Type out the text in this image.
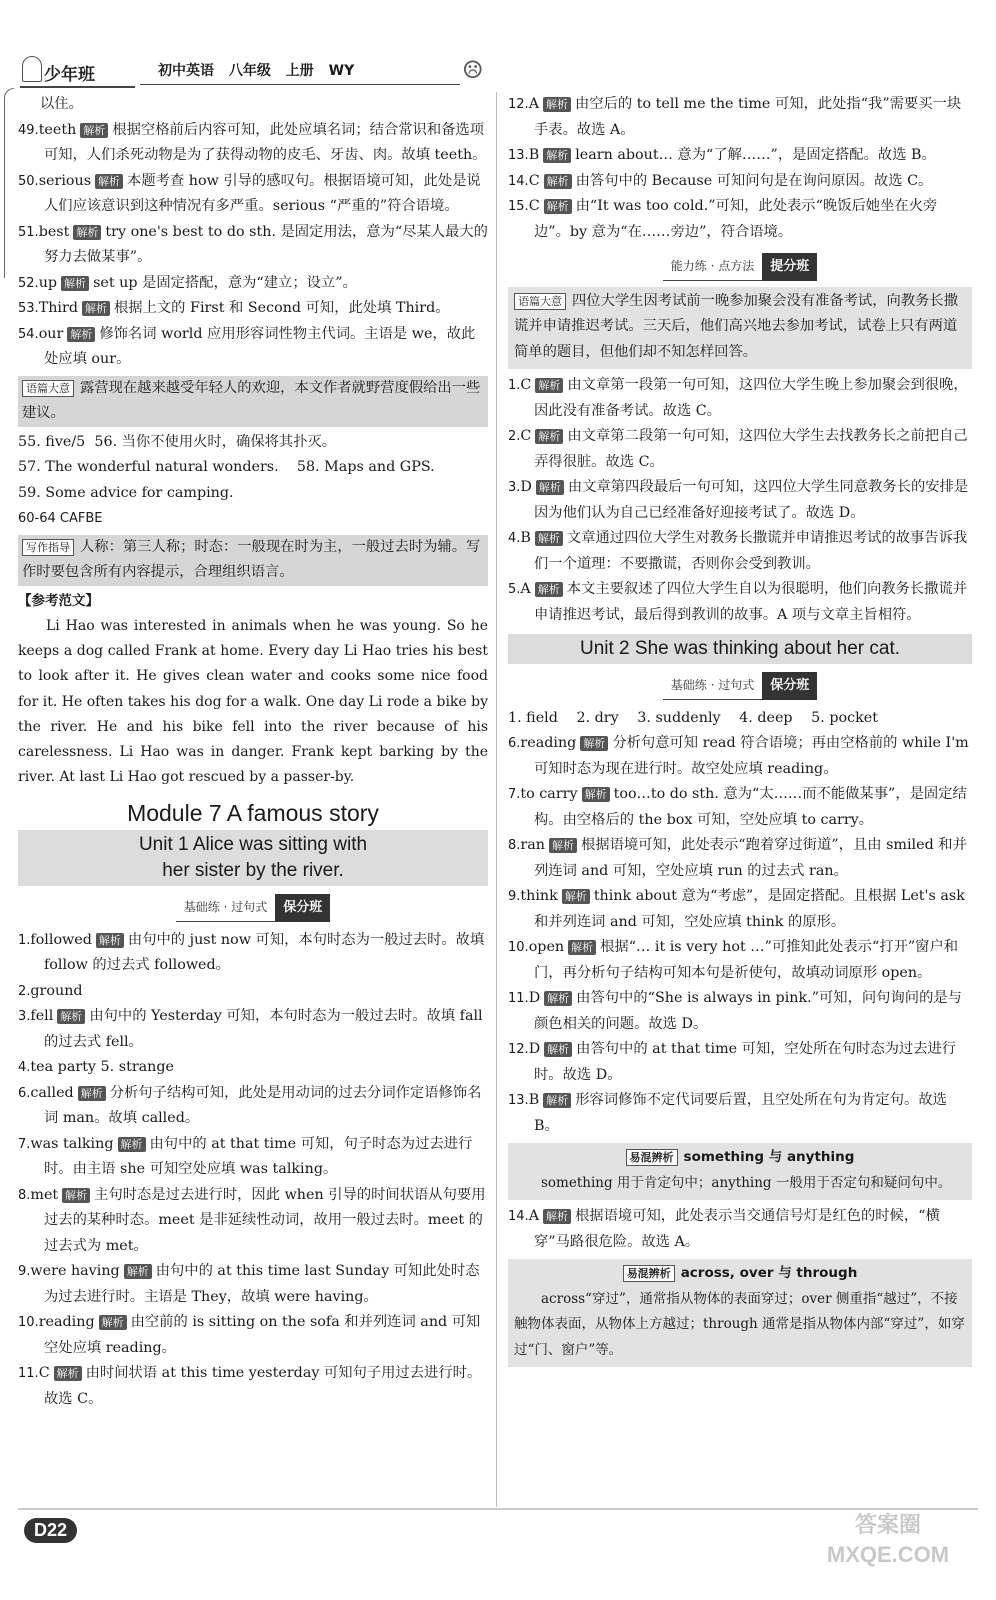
少年班	初中英语 八年级 上册 WY	☹

以住。

49.teeth 解析 根据空格前后内容可知，此处应填名词；结合常识和备选项可知，人们杀死动物是为了获得动物的皮毛、牙齿、肉。故填 teeth。

50.serious 解析 本题考查 how 引导的感叹句。根据语境可知，此处是说人们应该意识到这种情况有多严重。serious “严重的”符合语境。

51.best 解析 try one's best to do sth. 是固定用法，意为“尽某人最大的努力去做某事”。

52.up 解析 set up 是固定搭配，意为“建立；设立”。

53.Third 解析 根据上文的 First 和 Second 可知，此处填 Third。

54.our 解析 修饰名词 world 应用形容词性物主代词。主语是 we，故此处应填 our。

语篇大意 露营现在越来越受年轻人的欢迎，本文作者就野营度假给出一些建议。

55. five/5 56. 当你不使用火时，确保将其扑灭。

57. The wonderful natural wonders. 58. Maps and GPS.

59. Some advice for camping.

60-64 CAFBE

写作指导 人称：第三人称；时态：一般现在时为主，一般过去时为辅。写作时要包含所有内容提示，合理组织语言。

【参考范文】

Li Hao was interested in animals when he was young. So he keeps a dog called Frank at home. Every day Li Hao tries his best to look after it. He gives clean water and cooks some nice food for it. He often takes his dog for a walk. One day Li rode a bike by the river. He and his bike fell into the river because of his carelessness. Li Hao was in danger. Frank kept barking by the river. At last Li Hao got rescued by a passer-by.

Module 7 A famous story

Unit 1 Alice was sitting with
her sister by the river.
基础练 · 过句式 保分班

1.followed 解析 由句中的 just now 可知，本句时态为一般过去时。故填 follow 的过去式 followed。

2.ground

3.fell 解析 由句中的 Yesterday 可知，本句时态为一般过去时。故填 fall 的过去式 fell。

4.tea party 5. strange

6.called 解析 分析句子结构可知，此处是用动词的过去分词作定语修饰名词 man。故填 called。

7.was talking 解析 由句中的 at that time 可知，句子时态为过去进行时。由主语 she 可知空处应填 was talking。

8.met 解析 主句时态是过去进行时，因此 when 引导的时间状语从句要用过去的某种时态。meet 是非延续性动词，故用一般过去时。meet 的过去式为 met。

9.were having 解析 由句中的 at this time last Sunday 可知此处时态为过去进行时。主语是 They，故填 were having。

10.reading 解析 由空前的 is sitting on the sofa 和并列连词 and 可知空处应填 reading。

11.C 解析 由时间状语 at this time yesterday 可知句子用过去进行时。故选 C。

12.A 解析 由空后的 to tell me the time 可知，此处指“我”需要买一块手表。故选 A。

13.B 解析 learn about… 意为“了解……”，是固定搭配。故选 B。

14.C 解析 由答句中的 Because 可知问句是在询问原因。故选 C。

15.C 解析 由“It was too cold.”可知，此处表示“晚饭后她坐在火旁边”。by 意为“在……旁边”，符合语境。

能力练 · 点方法 提分班
语篇大意 四位大学生因考试前一晚参加聚会没有准备考试，向教务长撒谎并申请推迟考试。三天后，他们高兴地去参加考试，试卷上只有两道简单的题目，但他们却不知怎样回答。

1.C 解析 由文章第一段第一句可知，这四位大学生晚上参加聚会到很晚，因此没有准备考试。故选 C。

2.C 解析 由文章第二段第一句可知，这四位大学生去找教务长之前把自己弄得很脏。故选 C。

3.D 解析 由文章第四段最后一句可知，这四位大学生同意教务长的安排是因为他们认为自己已经准备好迎接考试了。故选 D。

4.B 解析 文章通过四位大学生对教务长撒谎并申请推迟考试的故事告诉我们一个道理：不要撒谎，否则你会受到教训。

5.A 解析 本文主要叙述了四位大学生自以为很聪明，他们向教务长撒谎并申请推迟考试，最后得到教训的故事。A 项与文章主旨相符。

Unit 2 She was thinking about her cat.
基础练 · 过句式 保分班

1. field 2. dry 3. suddenly 4. deep 5. pocket

6.reading 解析 分析句意可知 read 符合语境；再由空格前的 while I'm 可知时态为现在进行时。故空处应填 reading。

7.to carry 解析 too…to do sth. 意为“太……而不能做某事”，是固定结构。由空格后的 the box 可知，空处应填 to carry。

8.ran 解析 根据语境可知，此处表示“跑着穿过街道”，且由 smiled 和并列连词 and 可知，空处应填 run 的过去式 ran。

9.think 解析 think about 意为“考虑”，是固定搭配。且根据 Let's ask 和并列连词 and 可知，空处应填 think 的原形。

10.open 解析 根据“… it is very hot …”可推知此处表示“打开”窗户和门，再分析句子结构可知本句是祈使句，故填动词原形 open。

11.D 解析 由答句中的“She is always in pink.”可知，问句询问的是与颜色相关的问题。故选 D。

12.D 解析 由答句中的 at that time 可知，空处所在句时态为过去进行时。故选 D。

13.B 解析 形容词修饰不定代词要后置，且空处所在句为肯定句。故选 B。

易混辨析 something 与 anything

something 用于肯定句中；anything 一般用于否定句和疑问句中。

14.A 解析 根据语境可知，此处表示当交通信号灯是红色的时候，“横穿”马路很危险。故选 A。

易混辨析 across, over 与 through

across“穿过”，通常指从物体的表面穿过；over 侧重指“越过”，不接触物体表面，从物体上方越过；through 通常是指从物体内部“穿过”，如穿过“门、窗户”等。

D22	答案圈
MXQE.COM
